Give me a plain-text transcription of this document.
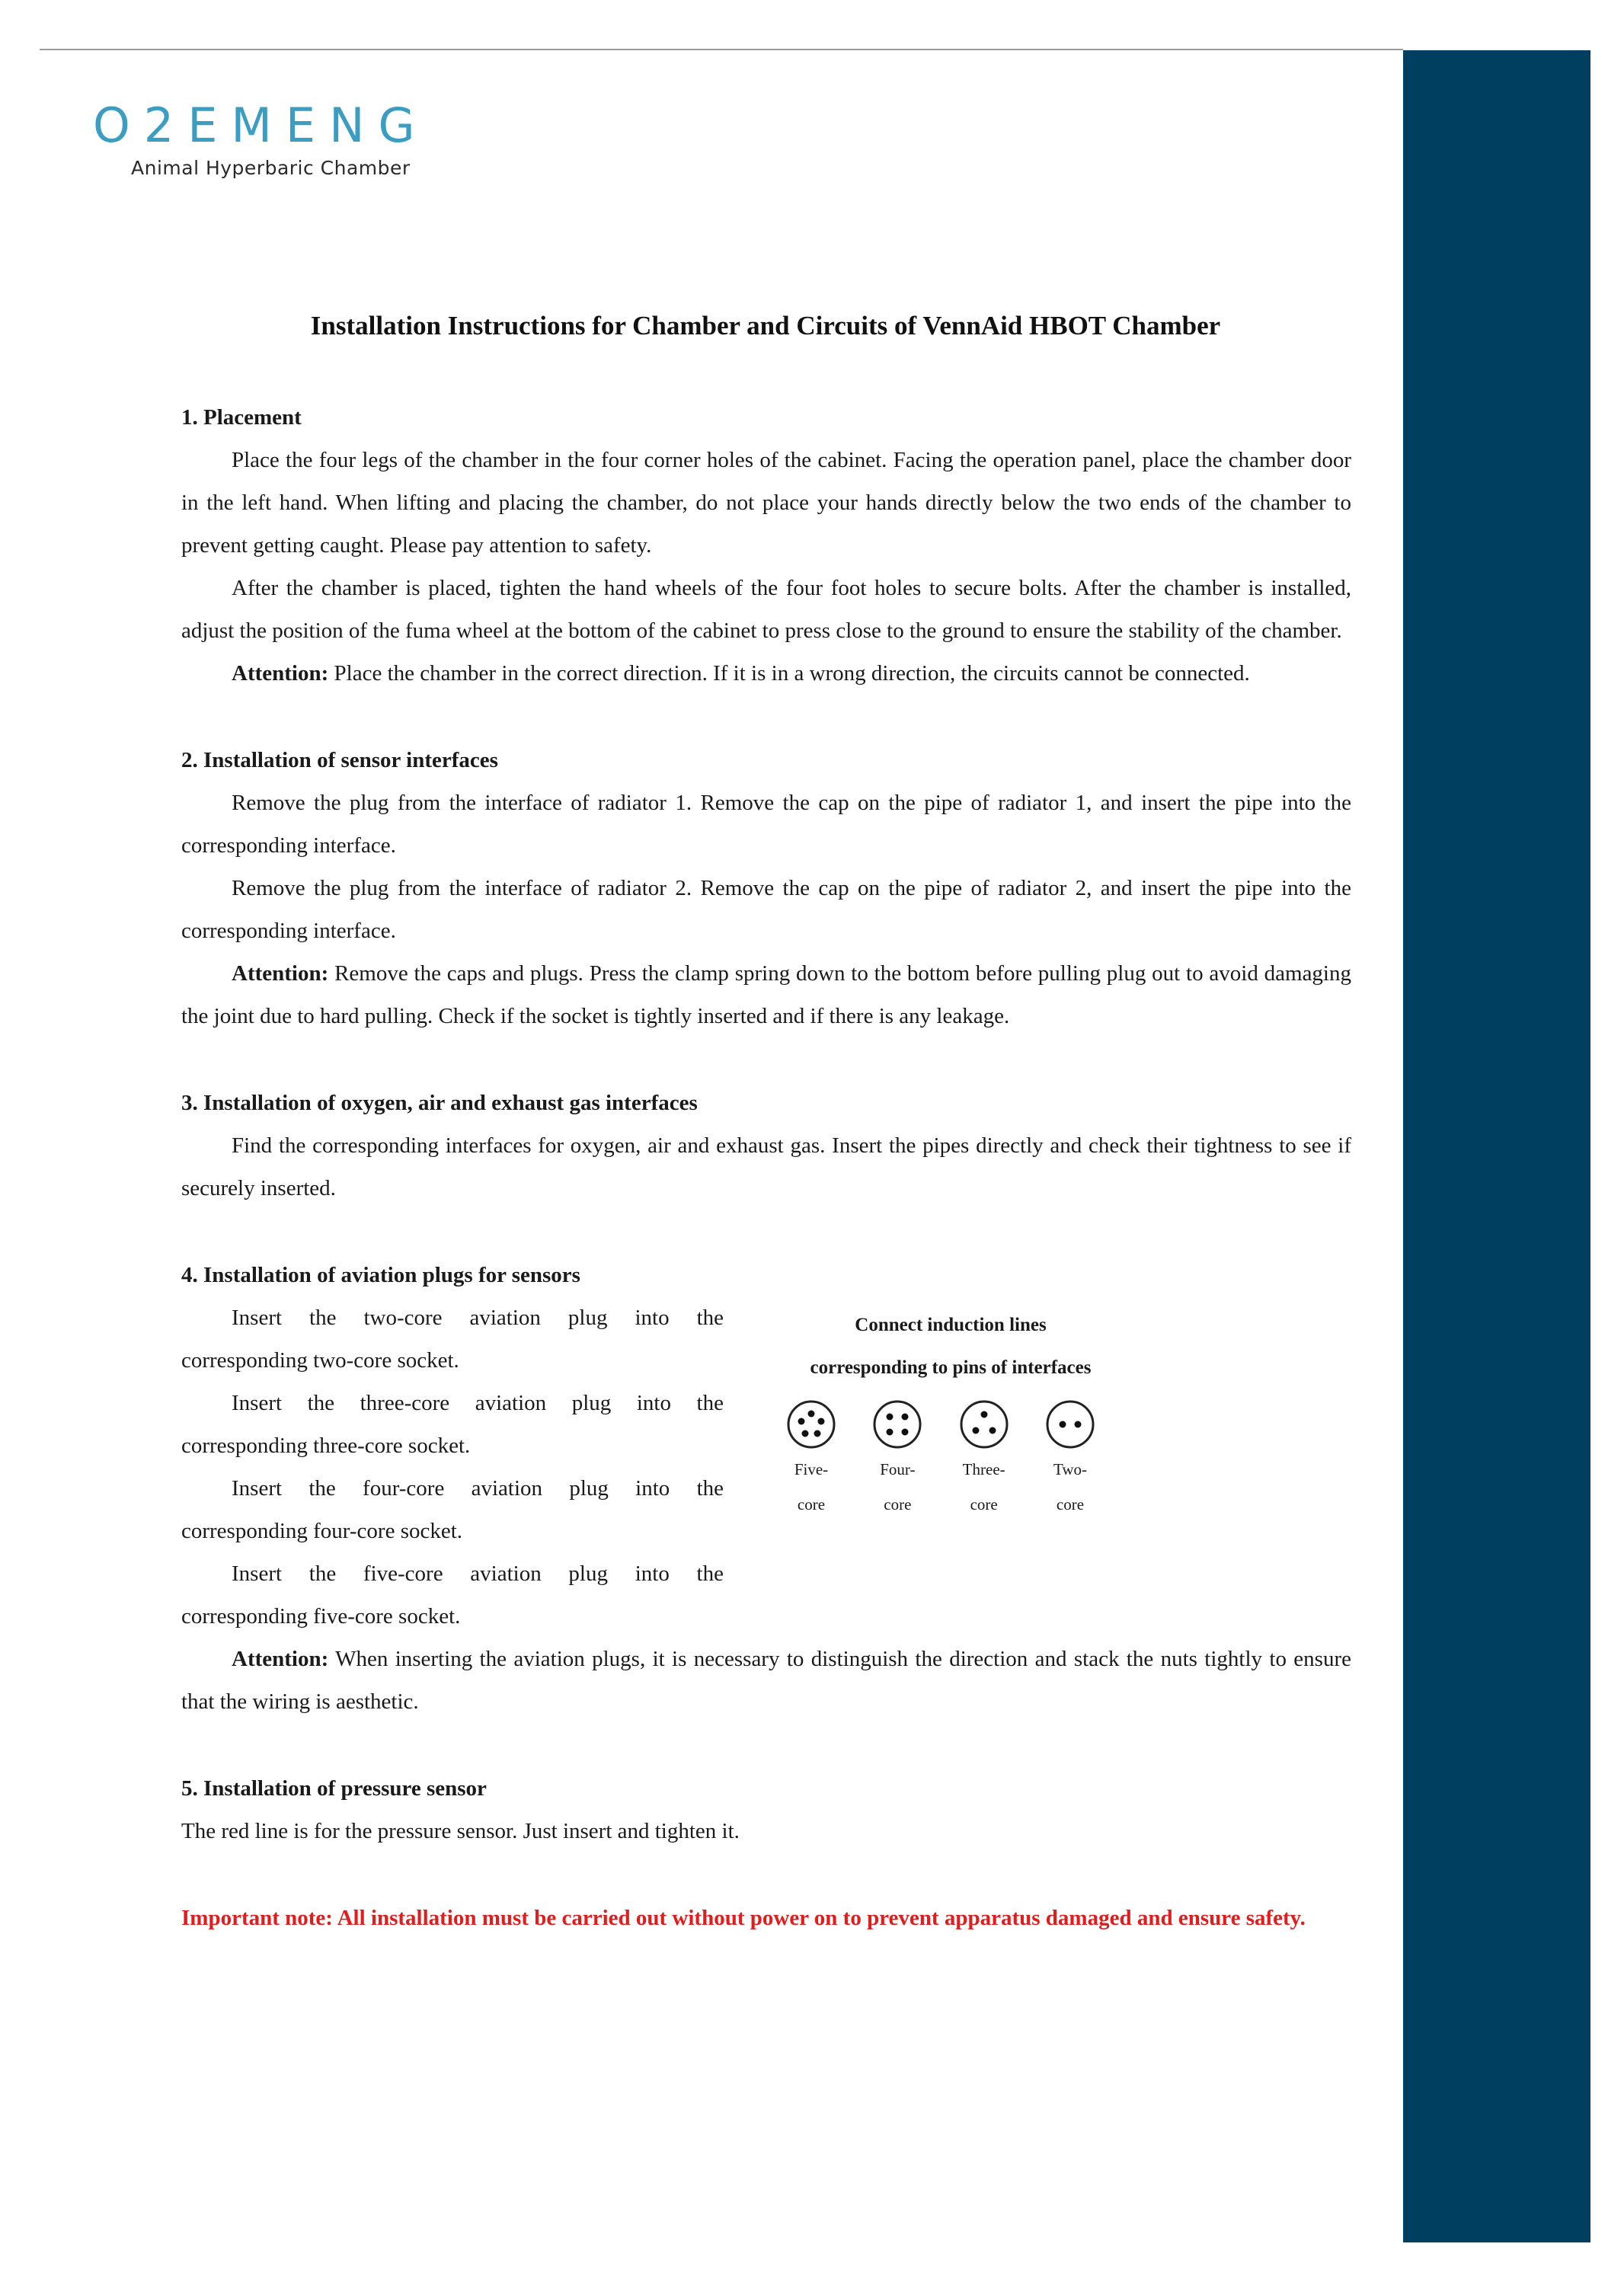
O2EMENG
Animal Hyperbaric Chamber
Installation Instructions for Chamber and Circuits of VennAid HBOT Chamber
1. Placement

Place the four legs of the chamber in the four corner holes of the cabinet. Facing the operation panel, place the chamber door in the left hand. When lifting and placing the chamber, do not place your hands directly below the two ends of the chamber to prevent getting caught. Please pay attention to safety.

After the chamber is placed, tighten the hand wheels of the four foot holes to secure bolts. After the chamber is installed, adjust the position of the fuma wheel at the bottom of the cabinet to press close to the ground to ensure the stability of the chamber.

Attention: Place the chamber in the correct direction. If it is in a wrong direction, the circuits cannot be connected.

2. Installation of sensor interfaces

Remove the plug from the interface of radiator 1. Remove the cap on the pipe of radiator 1, and insert the pipe into the corresponding interface.

Remove the plug from the interface of radiator 2. Remove the cap on the pipe of radiator 2, and insert the pipe into the corresponding interface.

Attention: Remove the caps and plugs. Press the clamp spring down to the bottom before pulling plug out to avoid damaging the joint due to hard pulling. Check if the socket is tightly inserted and if there is any leakage.

3. Installation of oxygen, air and exhaust gas interfaces

Find the corresponding interfaces for oxygen, air and exhaust gas. Insert the pipes directly and check their tightness to see if securely inserted.

4. Installation of aviation plugs for sensors

Insert the two-core aviation plug into the corresponding two-core socket.

Insert the three-core aviation plug into the corresponding three-core socket.

Insert the four-core aviation plug into the corresponding four-core socket.

Insert the five-core aviation plug into the corresponding five-core socket.

Connect induction lines
corresponding to pins of interfaces
Five-
core
Four-
core
Three-
core
Two-
core

Attention: When inserting the aviation plugs, it is necessary to distinguish the direction and stack the nuts tightly to ensure that the wiring is aesthetic.

5. Installation of pressure sensor

The red line is for the pressure sensor. Just insert and tighten it.

Important note: All installation must be carried out without power on to prevent apparatus damaged and ensure safety.
